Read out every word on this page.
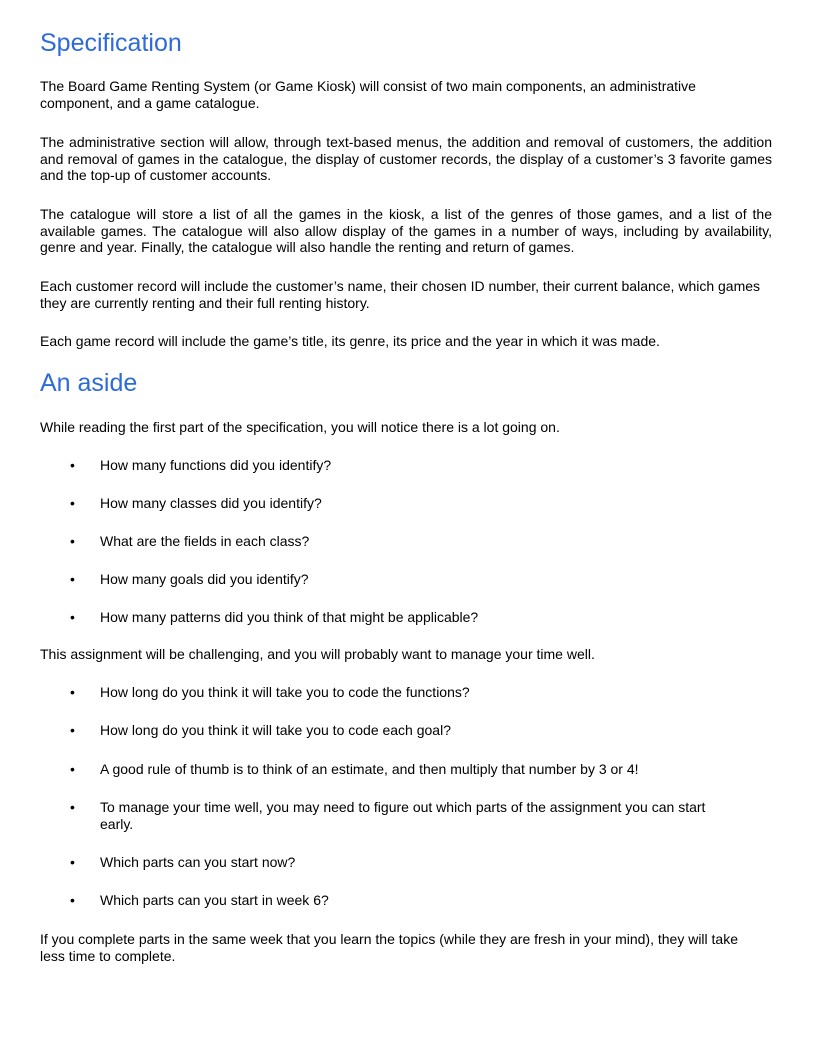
Specification

The Board Game Renting System (or Game Kiosk) will consist of two main components, an administrative component, and a game catalogue.

The administrative section will allow, through text-based menus, the addition and removal of customers, the addition and removal of games in the catalogue, the display of customer records, the display of a customer’s 3 favorite games and the top-up of customer accounts.

The catalogue will store a list of all the games in the kiosk, a list of the genres of those games, and a list of the available games. The catalogue will also allow display of the games in a number of ways, including by availability, genre and year. Finally, the catalogue will also handle the renting and return of games.

Each customer record will include the customer’s name, their chosen ID number, their current balance, which games they are currently renting and their full renting history.

Each game record will include the game’s title, its genre, its price and the year in which it was made.

An aside

While reading the first part of the specification, you will notice there is a lot going on.

• How many functions did you identify?
• How many classes did you identify?
• What are the fields in each class?
• How many goals did you identify?
• How many patterns did you think of that might be applicable?

This assignment will be challenging, and you will probably want to manage your time well.

• How long do you think it will take you to code the functions?
• How long do you think it will take you to code each goal?
• A good rule of thumb is to think of an estimate, and then multiply that number by 3 or 4!
• To manage your time well, you may need to figure out which parts of the assignment you can start early.
• Which parts can you start now?
• Which parts can you start in week 6?

If you complete parts in the same week that you learn the topics (while they are fresh in your mind), they will take less time to complete.
